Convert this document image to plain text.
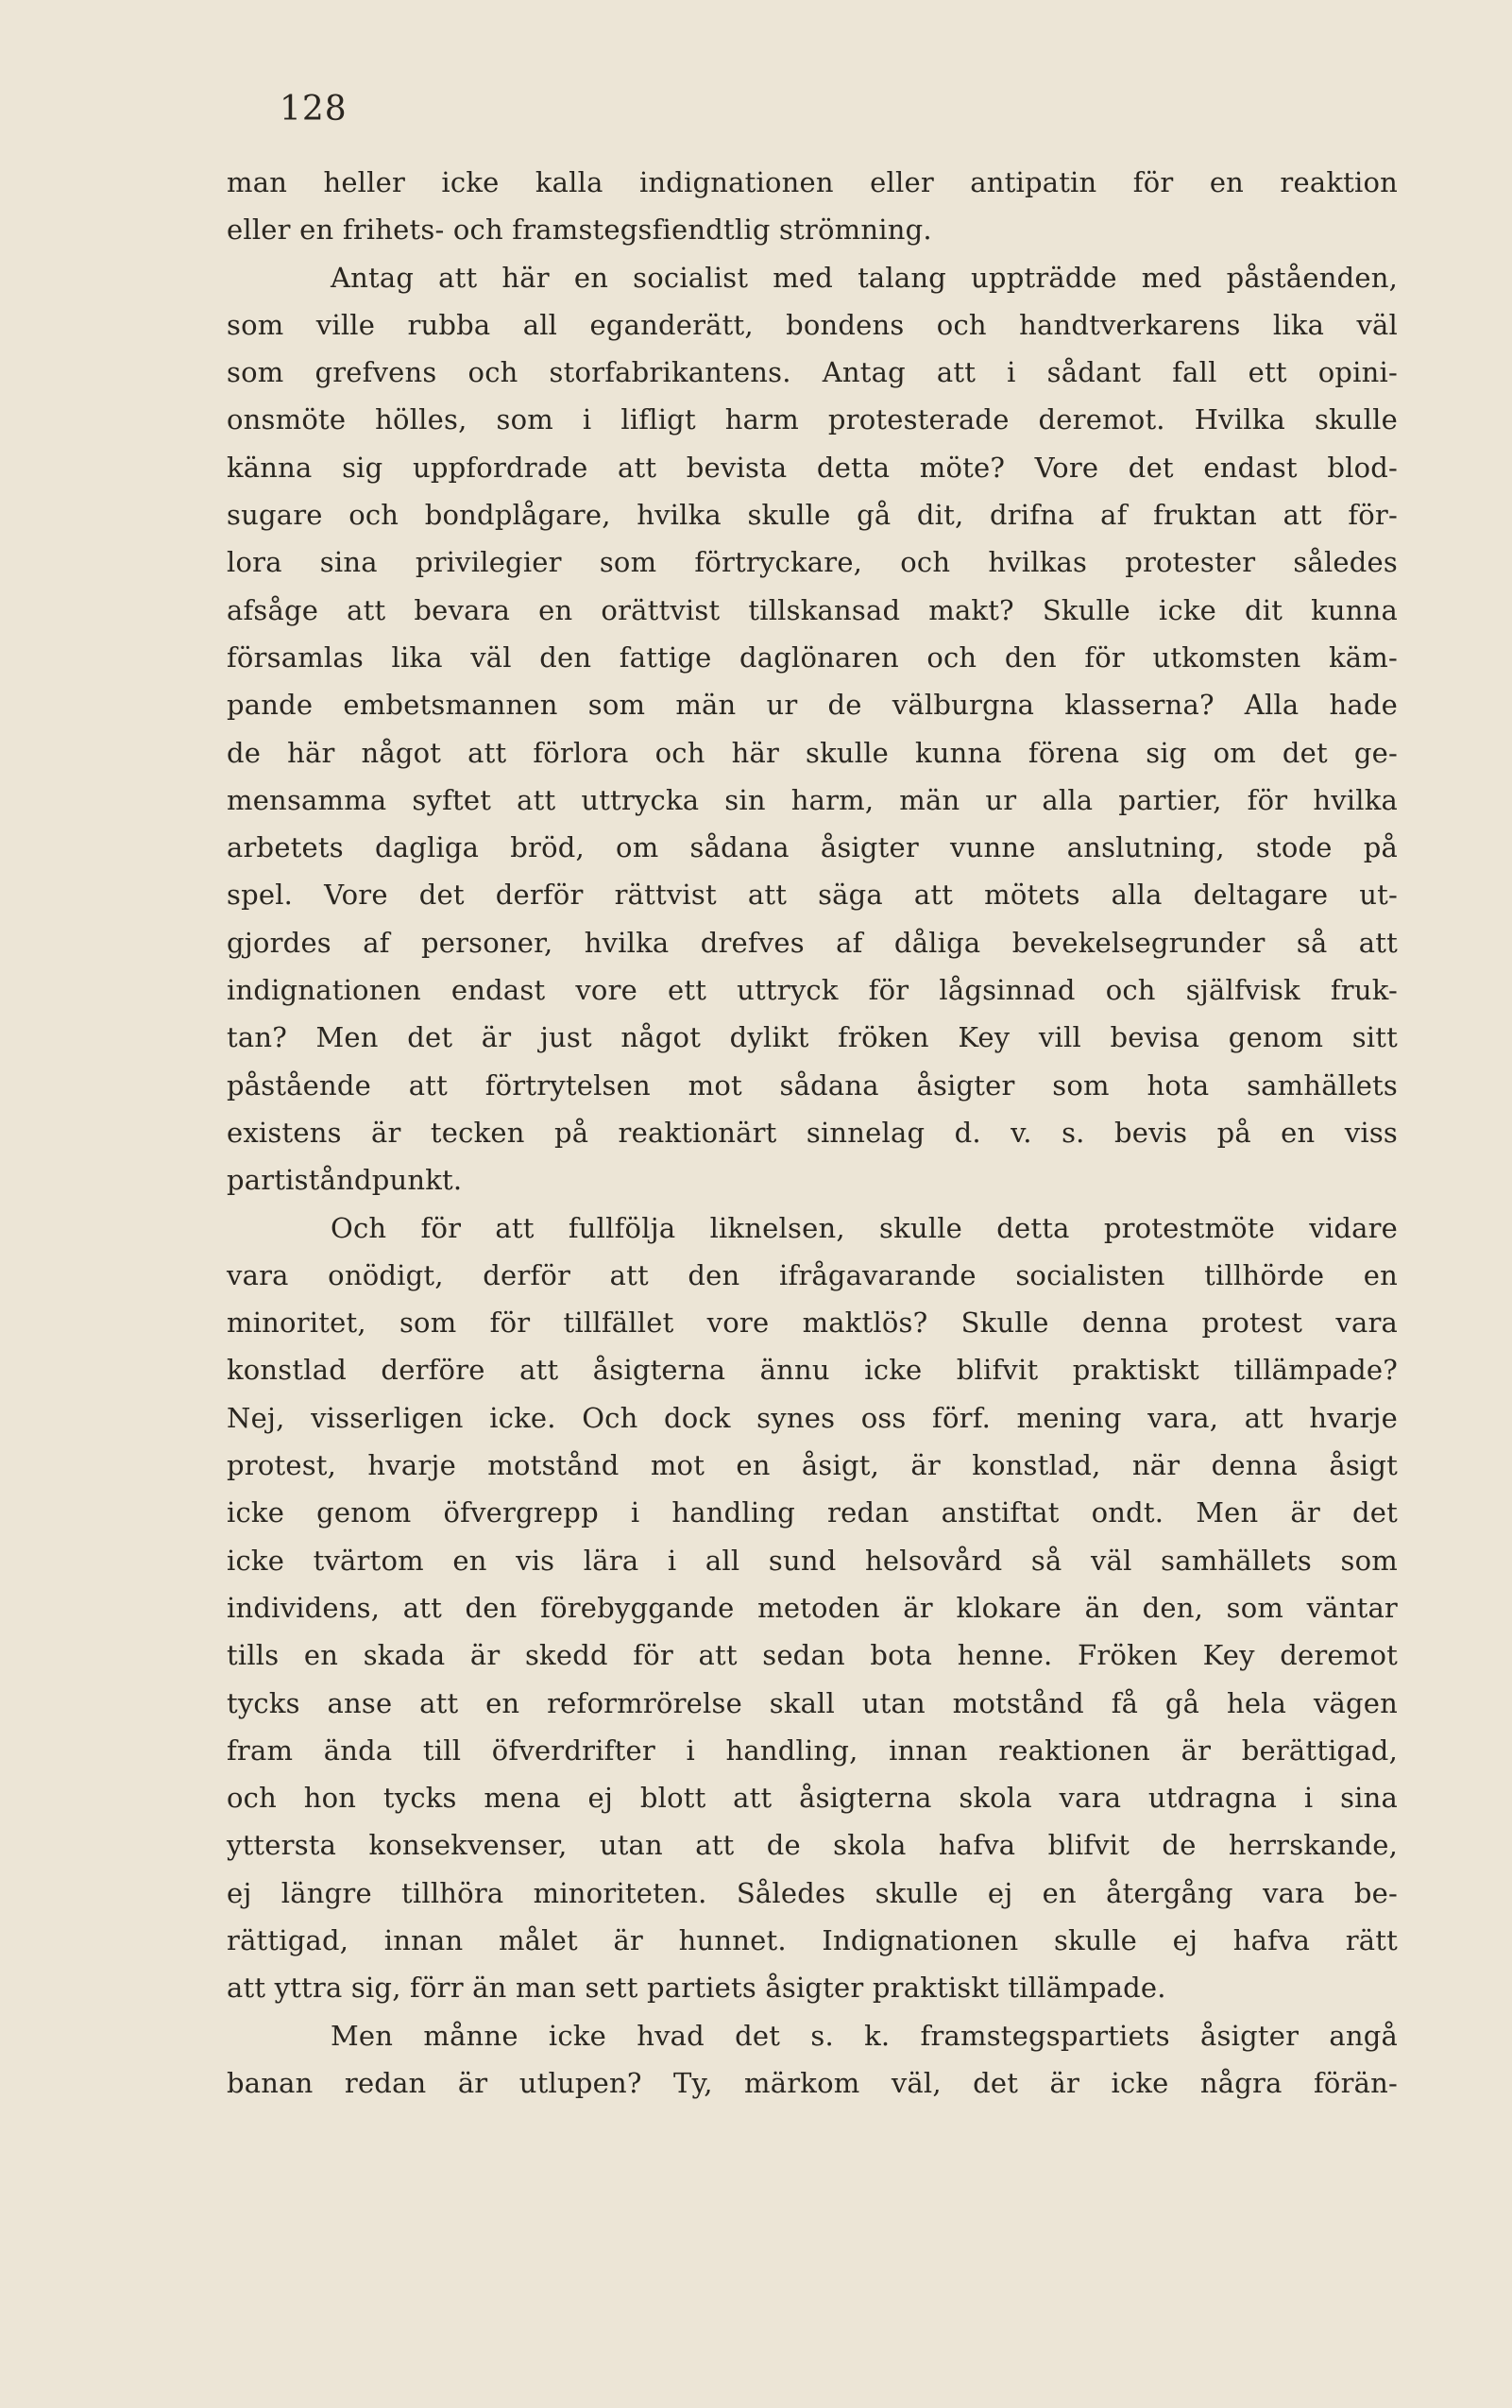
128
man heller icke kalla indignationen eller antipatin för en reaktion
eller en frihets- och framstegsfiendtlig strömning.
Antag att här en socialist med talang uppträdde med påståenden,
som ville rubba all eganderätt, bondens och handtverkarens lika väl
som grefvens och storfabrikantens. Antag att i sådant fall ett opini-
onsmöte hölles, som i lifligt harm protesterade deremot. Hvilka skulle
känna sig uppfordrade att bevista detta möte? Vore det endast blod-
sugare och bondplågare, hvilka skulle gå dit, drifna af fruktan att för-
lora sina privilegier som förtryckare, och hvilkas protester således
afsåge att bevara en orättvist tillskansad makt? Skulle icke dit kunna
församlas lika väl den fattige daglönaren och den för utkomsten käm-
pande embetsmannen som män ur de välburgna klasserna? Alla hade
de här något att förlora och här skulle kunna förena sig om det ge-
mensamma syftet att uttrycka sin harm, män ur alla partier, för hvilka
arbetets dagliga bröd, om sådana åsigter vunne anslutning, stode på
spel. Vore det derför rättvist att säga att mötets alla deltagare ut-
gjordes af personer, hvilka drefves af dåliga bevekelsegrunder så att
indignationen endast vore ett uttryck för lågsinnad och själfvisk fruk-
tan? Men det är just något dylikt fröken Key vill bevisa genom sitt
påstående att förtrytelsen mot sådana åsigter som hota samhällets
existens är tecken på reaktionärt sinnelag d. v. s. bevis på en viss
partiståndpunkt.
Och för att fullfölja liknelsen, skulle detta protestmöte vidare
vara onödigt, derför att den ifrågavarande socialisten tillhörde en
minoritet, som för tillfället vore maktlös? Skulle denna protest vara
konstlad derföre att åsigterna ännu icke blifvit praktiskt tillämpade?
Nej, visserligen icke. Och dock synes oss förf. mening vara, att hvarje
protest, hvarje motstånd mot en åsigt, är konstlad, när denna åsigt
icke genom öfvergrepp i handling redan anstiftat ondt. Men är det
icke tvärtom en vis lära i all sund helsovård så väl samhällets som
individens, att den förebyggande metoden är klokare än den, som väntar
tills en skada är skedd för att sedan bota henne. Fröken Key deremot
tycks anse att en reformrörelse skall utan motstånd få gå hela vägen
fram ända till öfverdrifter i handling, innan reaktionen är berättigad,
och hon tycks mena ej blott att åsigterna skola vara utdragna i sina
yttersta konsekvenser, utan att de skola hafva blifvit de herrskande,
ej längre tillhöra minoriteten. Således skulle ej en återgång vara be-
rättigad, innan målet är hunnet. Indignationen skulle ej hafva rätt
att yttra sig, förr än man sett partiets åsigter praktiskt tillämpade.
Men månne icke hvad det s. k. framstegspartiets åsigter angå
banan redan är utlupen? Ty, märkom väl, det är icke några förän-
